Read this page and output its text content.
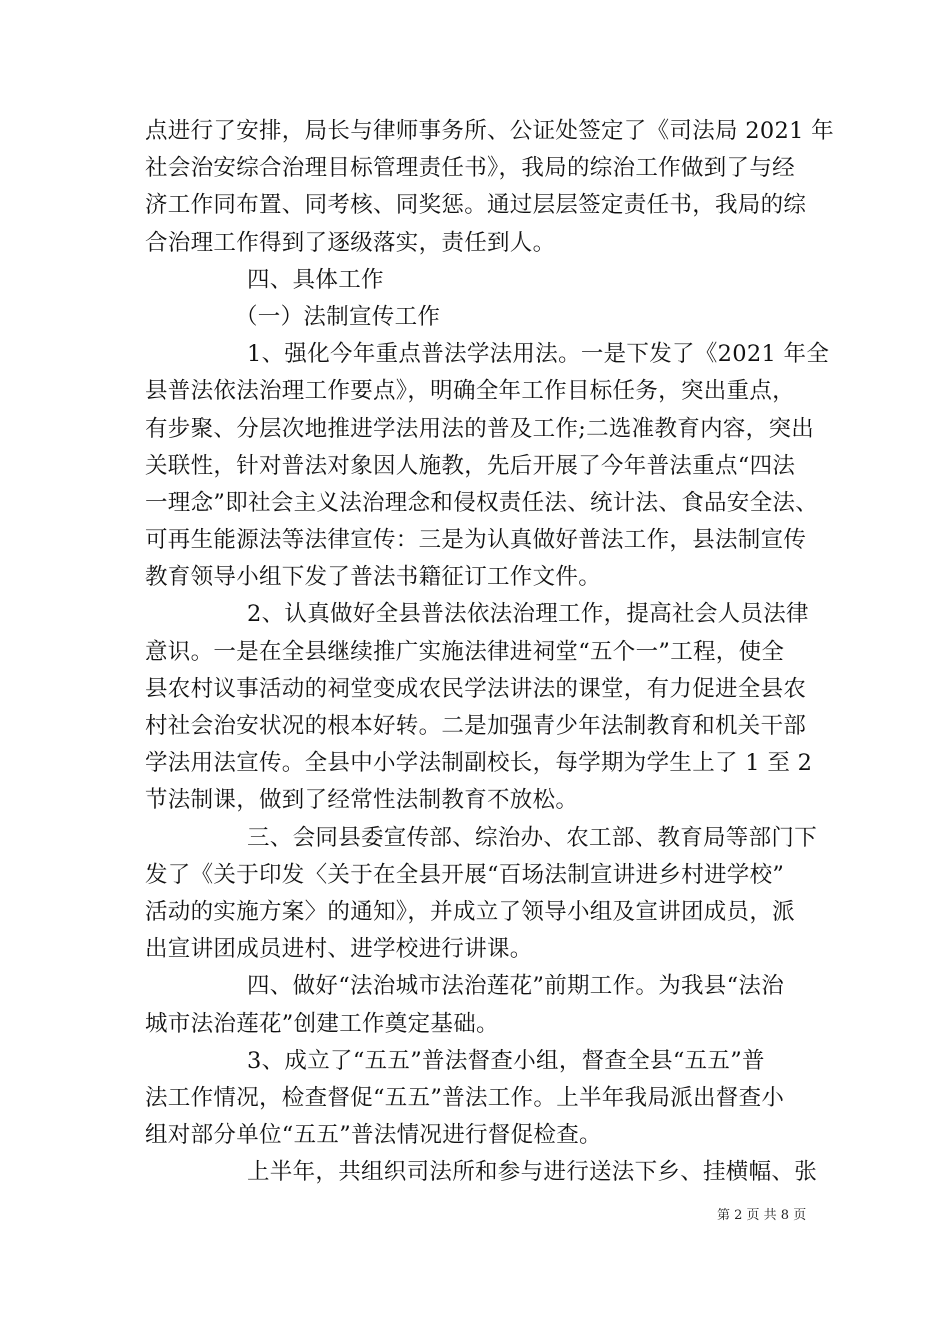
点进行了安排，局长与律师事务所、公证处签定了《司法局 2021 年
社会治安综合治理目标管理责任书》，我局的综治工作做到了与经
济工作同布置、同考核、同奖惩。通过层层签定责任书，我局的综
合治理工作得到了逐级落实，责任到人。
四、具体工作
（一）法制宣传工作
1、强化今年重点普法学法用法。一是下发了《2021 年全
县普法依法治理工作要点》，明确全年工作目标任务，突出重点，
有步聚、分层次地推进学法用法的普及工作;二选准教育内容，突出
关联性，针对普法对象因人施教，先后开展了今年普法重点“四法
一理念”即社会主义法治理念和侵权责任法、统计法、食品安全法、
可再生能源法等法律宣传：三是为认真做好普法工作，县法制宣传
教育领导小组下发了普法书籍征订工作文件。
2、认真做好全县普法依法治理工作，提高社会人员法律
意识。一是在全县继续推广实施法律进祠堂“五个一”工程，使全
县农村议事活动的祠堂变成农民学法讲法的课堂，有力促进全县农
村社会治安状况的根本好转。二是加强青少年法制教育和机关干部
学法用法宣传。全县中小学法制副校长，每学期为学生上了 1 至 2
节法制课，做到了经常性法制教育不放松。
三、会同县委宣传部、综治办、农工部、教育局等部门下
发了《关于印发〈关于在全县开展“百场法制宣讲进乡村进学校”
活动的实施方案〉的通知》，并成立了领导小组及宣讲团成员，派
出宣讲团成员进村、进学校进行讲课。
四、做好“法治城市法治莲花”前期工作。为我县“法治
城市法治莲花”创建工作奠定基础。
3、成立了“五五”普法督查小组，督查全县“五五”普
法工作情况，检查督促“五五”普法工作。上半年我局派出督查小
组对部分单位“五五”普法情况进行督促检查。
上半年，共组织司法所和参与进行送法下乡、挂横幅、张
第 2 页 共 8 页
